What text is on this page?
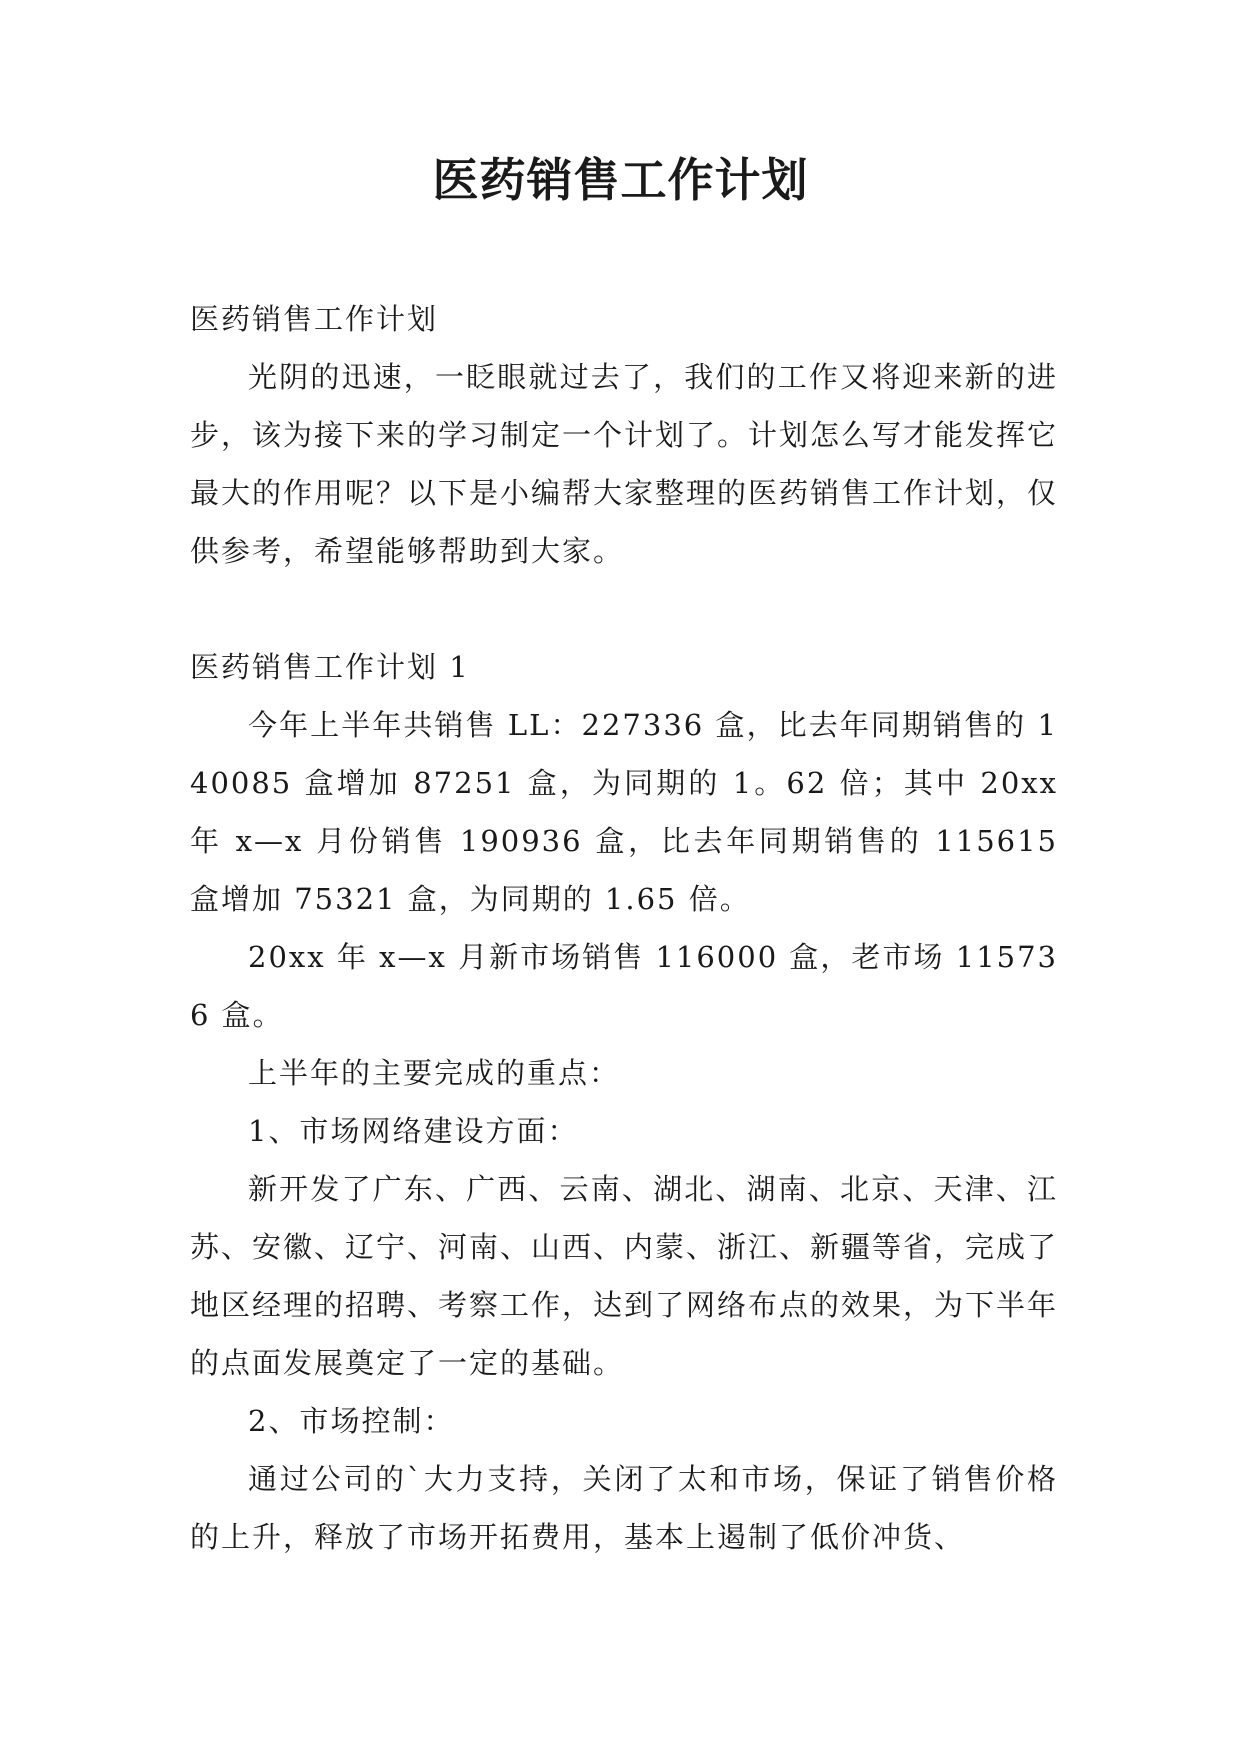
医药销售工作计划

医药销售工作计划

光阴的迅速，一眨眼就过去了，我们的工作又将迎来新的进步，该为接下来的学习制定一个计划了。计划怎么写才能发挥它最大的作用呢？以下是小编帮大家整理的医药销售工作计划，仅供参考，希望能够帮助到大家。

医药销售工作计划 1

今年上半年共销售 LL：227336 盒，比去年同期销售的 140085 盒增加 87251 盒，为同期的 1。62 倍；其中 20xx 年 x—x 月份销售 190936 盒，比去年同期销售的 115615 盒增加 75321 盒，为同期的 1.65 倍。

20xx 年 x—x 月新市场销售 116000 盒，老市场 115736 盒。

上半年的主要完成的重点：

1、市场网络建设方面：

新开发了广东、广西、云南、湖北、湖南、北京、天津、江苏、安徽、辽宁、河南、山西、内蒙、浙江、新疆等省，完成了地区经理的招聘、考察工作，达到了网络布点的效果，为下半年的点面发展奠定了一定的基础。

2、市场控制：

通过公司的`大力支持，关闭了太和市场，保证了销售价格的上升，释放了市场开拓费用，基本上遏制了低价冲货、
